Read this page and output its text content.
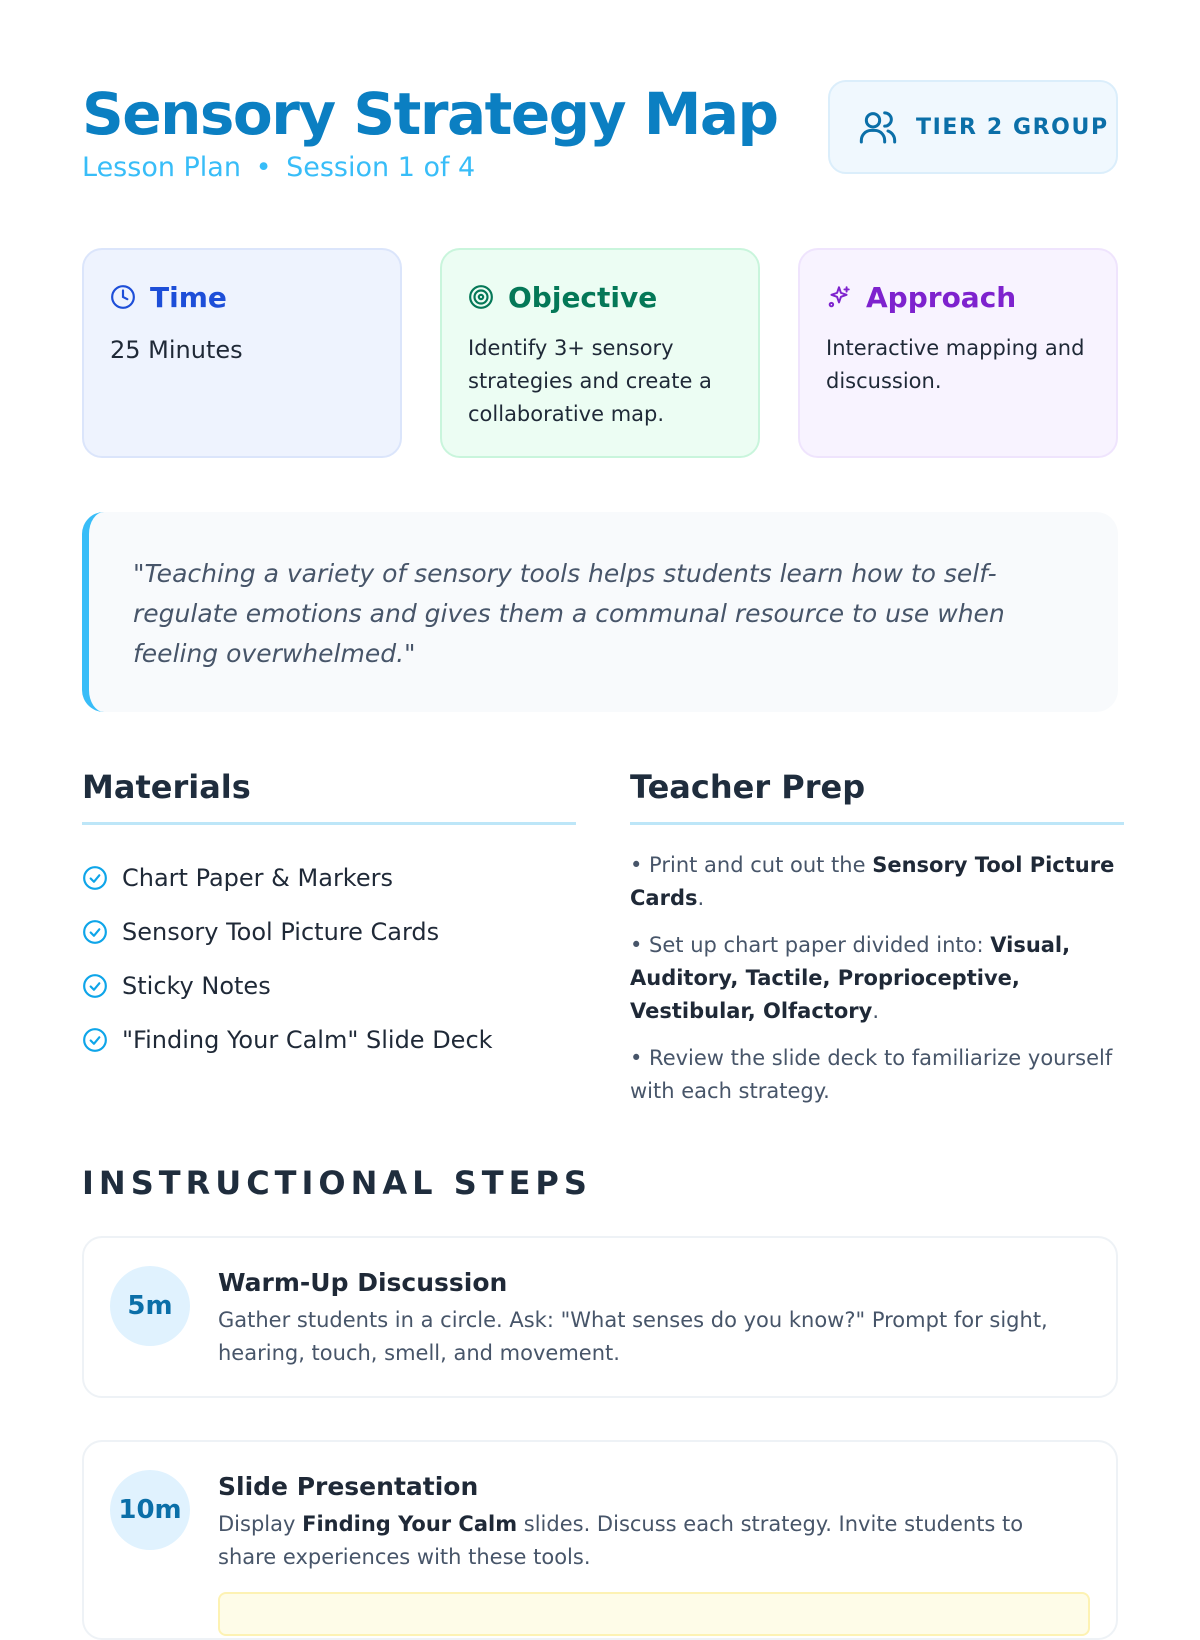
Sensory Strategy Map

Lesson Plan • Session 1 of 4

TIER 2 GROUP
Time
25 Minutes
Objective
Identify 3+ sensory strategies and create a collaborative map.
Approach
Interactive mapping and discussion.

"Teaching a variety of sensory tools helps students learn how to self-regulate emotions and gives them a communal resource to use when feeling overwhelmed."

Materials
Chart Paper & Markers
Sensory Tool Picture Cards
Sticky Notes
"Finding Your Calm" Slide Deck
Teacher Prep
• Print and cut out the Sensory Tool Picture Cards.
• Set up chart paper divided into: Visual, Auditory, Tactile, Proprioceptive, Vestibular, Olfactory.
• Review the slide deck to familiarize yourself with each strategy.
INSTRUCTIONAL STEPS
5m
Warm-Up Discussion

Gather students in a circle. Ask: "What senses do you know?" Prompt for sight, hearing, touch, smell, and movement.

10m
Slide Presentation

Display Finding Your Calm slides. Discuss each strategy. Invite students to share experiences with these tools.
